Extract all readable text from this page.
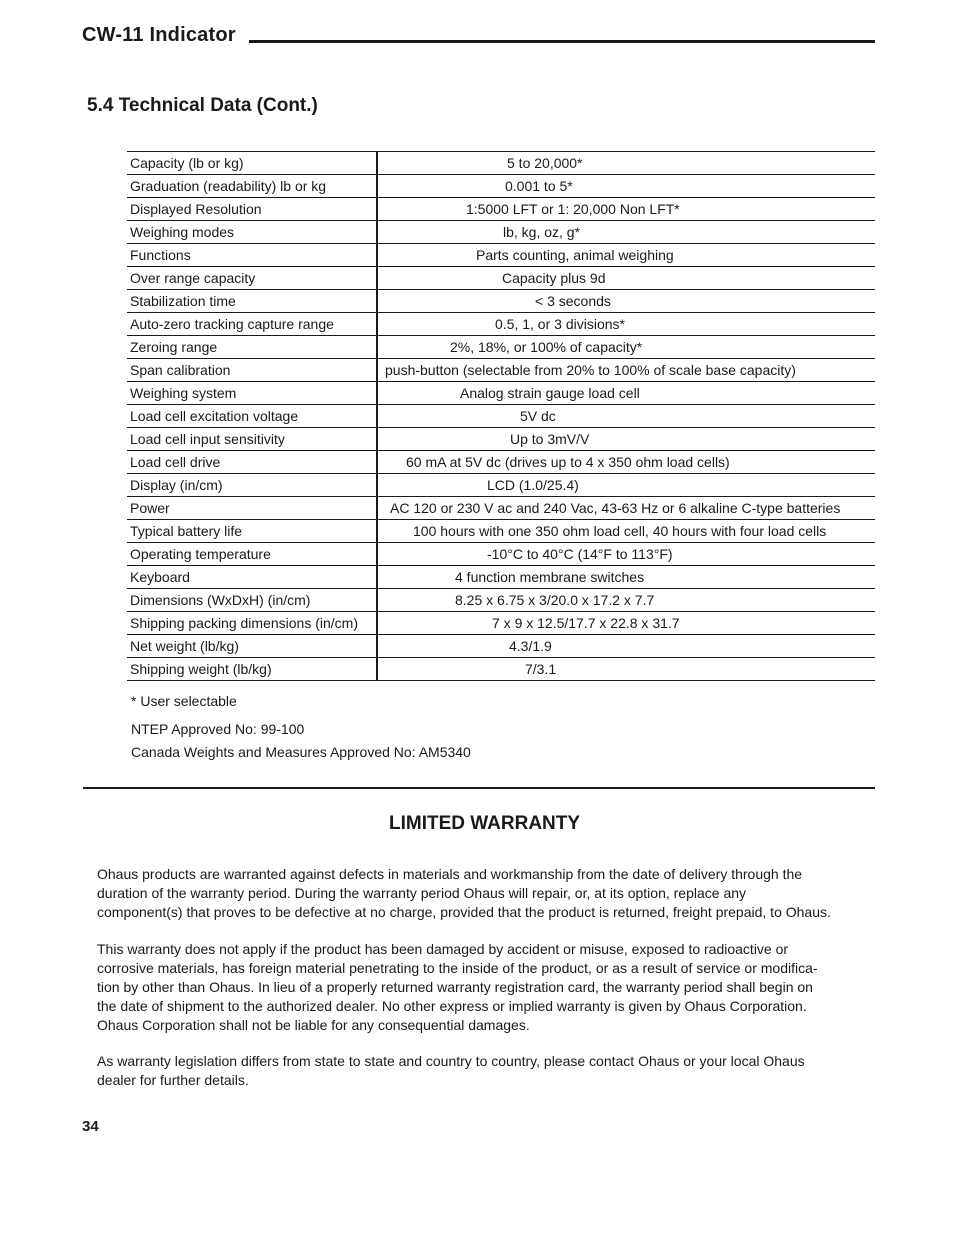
CW-11 Indicator
5.4 Technical Data (Cont.)
Capacity (lb or kg)	5 to 20,000*

Graduation (readability) lb or kg	0.001 to 5*

Displayed Resolution	1:5000 LFT or 1: 20,000 Non LFT*

Weighing modes	lb, kg, oz, g*

Functions	Parts counting, animal weighing

Over range capacity	Capacity plus 9d

Stabilization time	< 3 seconds

Auto-zero tracking capture range	0.5, 1, or 3 divisions*

Zeroing range	2%, 18%, or 100% of capacity*

Span calibration	push-button (selectable from 20% to 100% of scale base capacity)

Weighing system	Analog strain gauge load cell

Load cell excitation voltage	5V dc

Load cell input sensitivity	Up to 3mV/V

Load cell drive	60 mA at 5V dc (drives up to 4 x 350 ohm load cells)

Display (in/cm)	LCD (1.0/25.4)

Power	AC 120 or 230 V ac and 240 Vac, 43-63 Hz or 6 alkaline C-type batteries

Typical battery life	100 hours with one 350 ohm load cell, 40 hours with four load cells

Operating temperature	-10°C to 40°C (14°F to 113°F)

Keyboard	4 function membrane switches

Dimensions (WxDxH) (in/cm)	8.25 x 6.75 x 3/20.0 x 17.2 x 7.7

Shipping packing dimensions (in/cm)	7 x 9 x 12.5/17.7 x 22.8 x 31.7

Net weight (lb/kg)	4.3/1.9

Shipping weight (lb/kg)	7/3.1
* User selectable
NTEP Approved No: 99-100
Canada Weights and Measures Approved No: AM5340
LIMITED WARRANTY

Ohaus products are warranted against defects in materials and workmanship from the date of delivery through the
duration of the warranty period. During the warranty period Ohaus will repair, or, at its option, replace any
component(s) that proves to be defective at no charge, provided that the product is returned, freight prepaid, to Ohaus.

This warranty does not apply if the product has been damaged by accident or misuse, exposed to radioactive or
corrosive materials, has foreign material penetrating to the inside of the product, or as a result of service or modifica-
tion by other than Ohaus. In lieu of a properly returned warranty registration card, the warranty period shall begin on
the date of shipment to the authorized dealer. No other express or implied warranty is given by Ohaus Corporation.
Ohaus Corporation shall not be liable for any consequential damages.

As warranty legislation differs from state to state and country to country, please contact Ohaus or your local Ohaus
dealer for further details.

34
